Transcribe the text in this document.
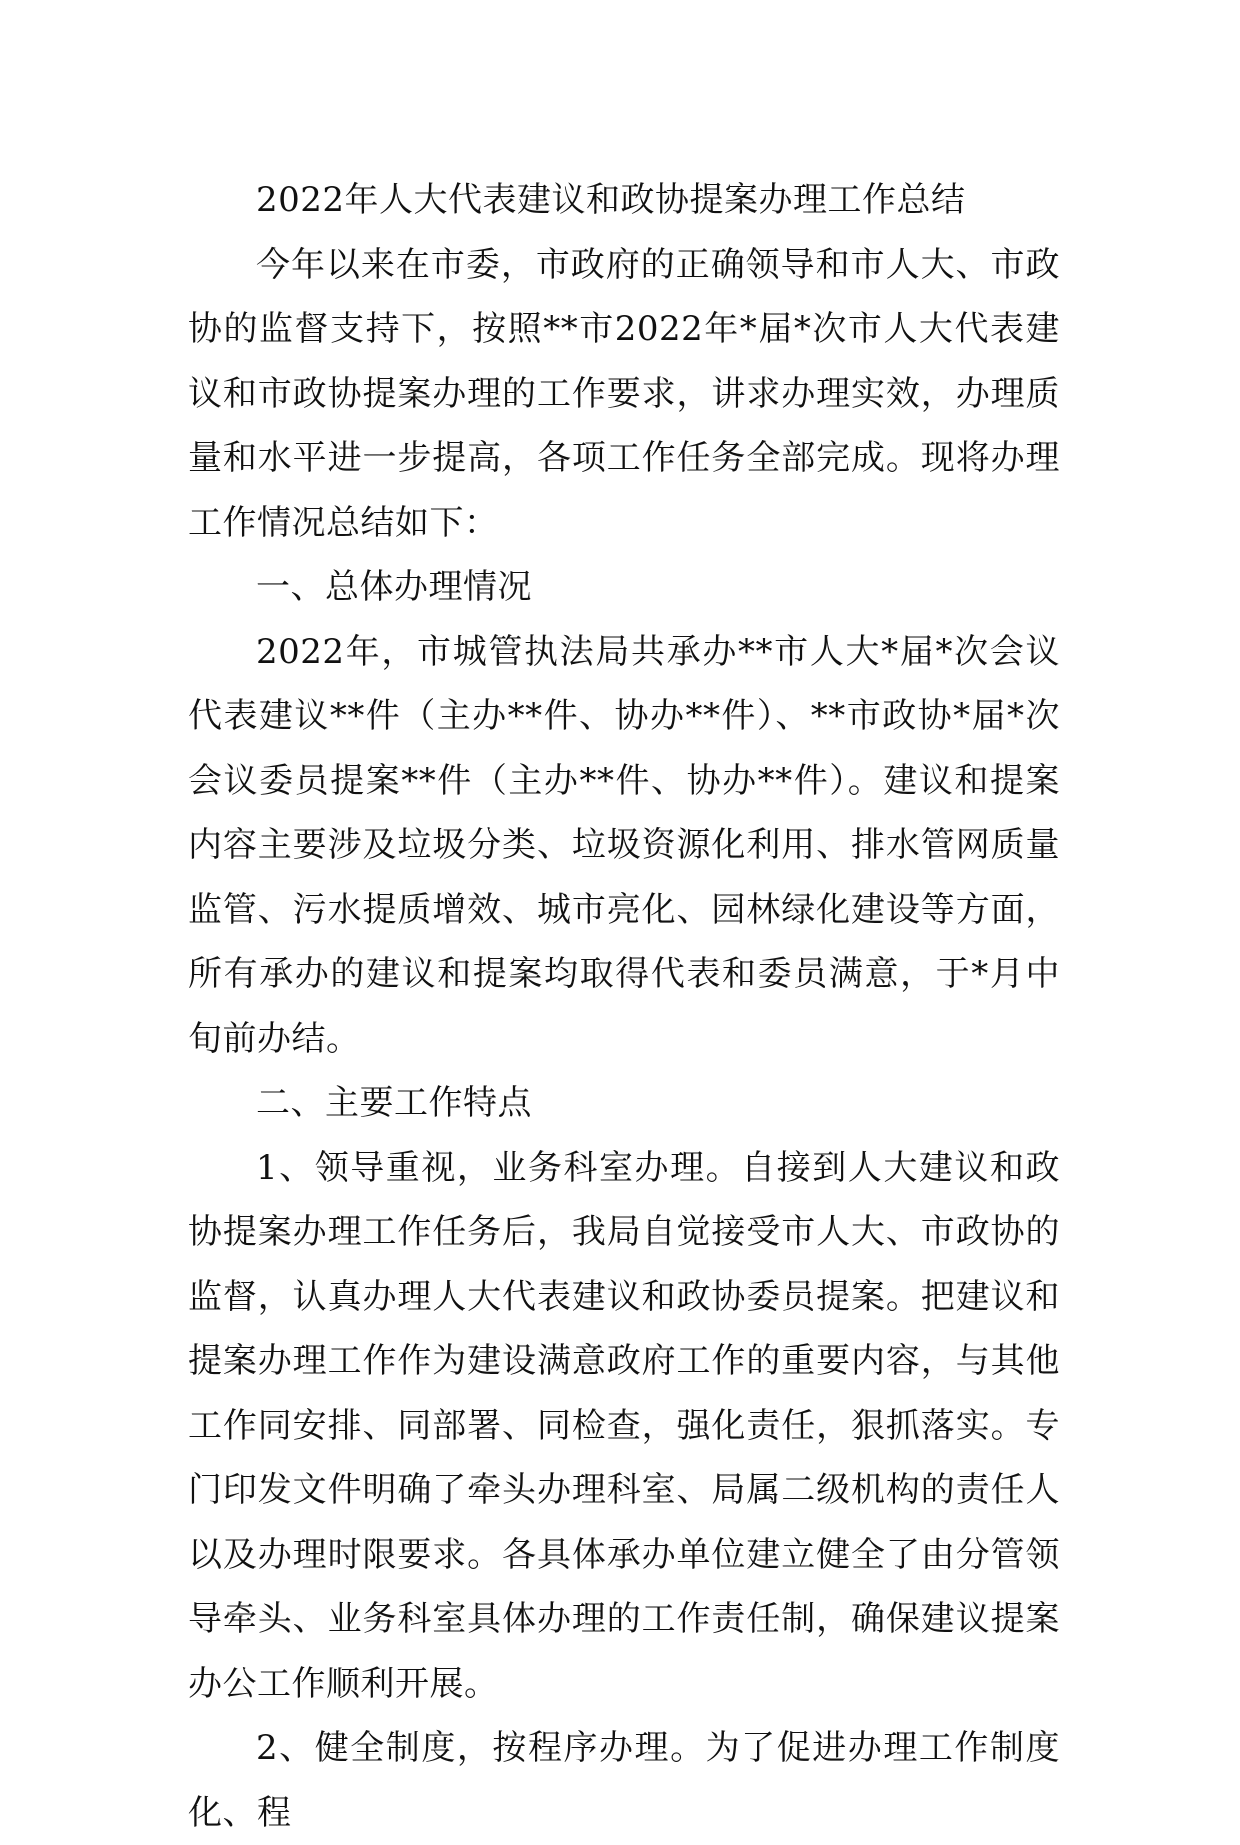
2022年人大代表建议和政协提案办理工作总结

今年以来在市委，市政府的正确领导和市人大、市政协的监督支持下，按照**市2022年*届*次市人大代表建议和市政协提案办理的工作要求，讲求办理实效，办理质量和水平进一步提高，各项工作任务全部完成。现将办理工作情况总结如下：

一、总体办理情况

2022年，市城管执法局共承办**市人大*届*次会议代表建议**件（主办**件、协办**件）、**市政协*届*次会议委员提案**件（主办**件、协办**件）。建议和提案内容主要涉及垃圾分类、垃圾资源化利用、排水管网质量监管、污水提质增效、城市亮化、园林绿化建设等方面，所有承办的建议和提案均取得代表和委员满意，于*月中旬前办结。

二、主要工作特点

1、领导重视，业务科室办理。自接到人大建议和政协提案办理工作任务后，我局自觉接受市人大、市政协的监督，认真办理人大代表建议和政协委员提案。把建议和提案办理工作作为建设满意政府工作的重要内容，与其他工作同安排、同部署、同检查，强化责任，狠抓落实。专门印发文件明确了牵头办理科室、局属二级机构的责任人以及办理时限要求。各具体承办单位建立健全了由分管领导牵头、业务科室具体办理的工作责任制，确保建议提案办公工作顺利开展。

2、健全制度，按程序办理。为了促进办理工作制度化、程
